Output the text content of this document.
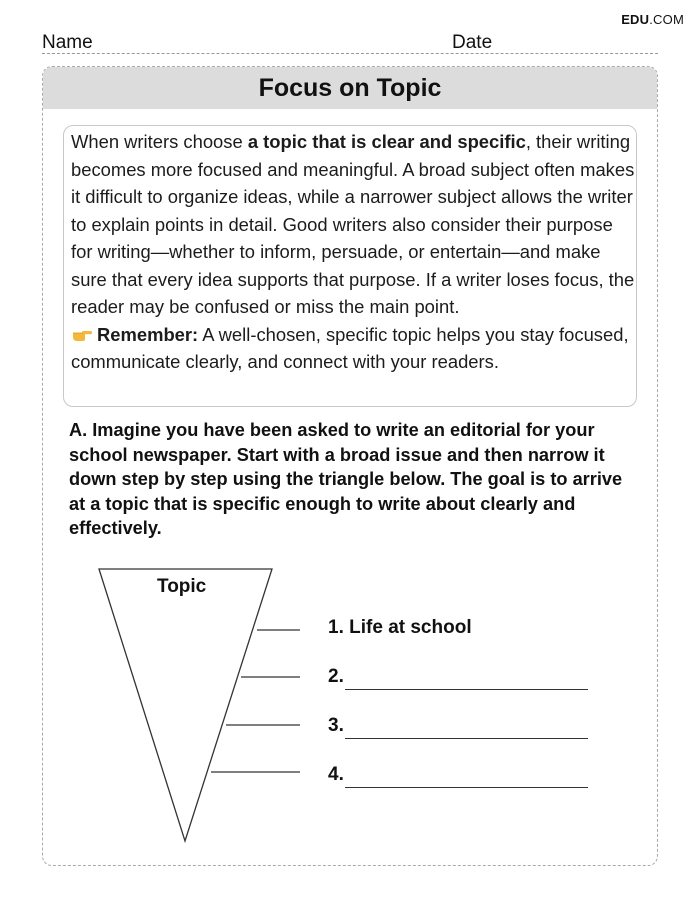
EDU.COM
Name	Date
Focus on Topic

When writers choose a topic that is clear and specific, their writing becomes more focused and meaningful. A broad subject often makes it difficult to organize ideas, while a narrower subject allows the writer to explain points in detail. Good writers also consider their purpose for writing—whether to inform, persuade, or entertain—and make sure that every idea supports that purpose. If a writer loses focus, the reader may be confused or miss the main point.

Remember: A well-chosen, specific topic helps you stay focused, communicate clearly, and connect with your readers.

A. Imagine you have been asked to write an editorial for your school newspaper. Start with a broad issue and then narrow it down step by step using the triangle below. The goal is to arrive at a topic that is specific enough to write about clearly and effectively.
Topic
1. Life at school
2.
3.
4.
